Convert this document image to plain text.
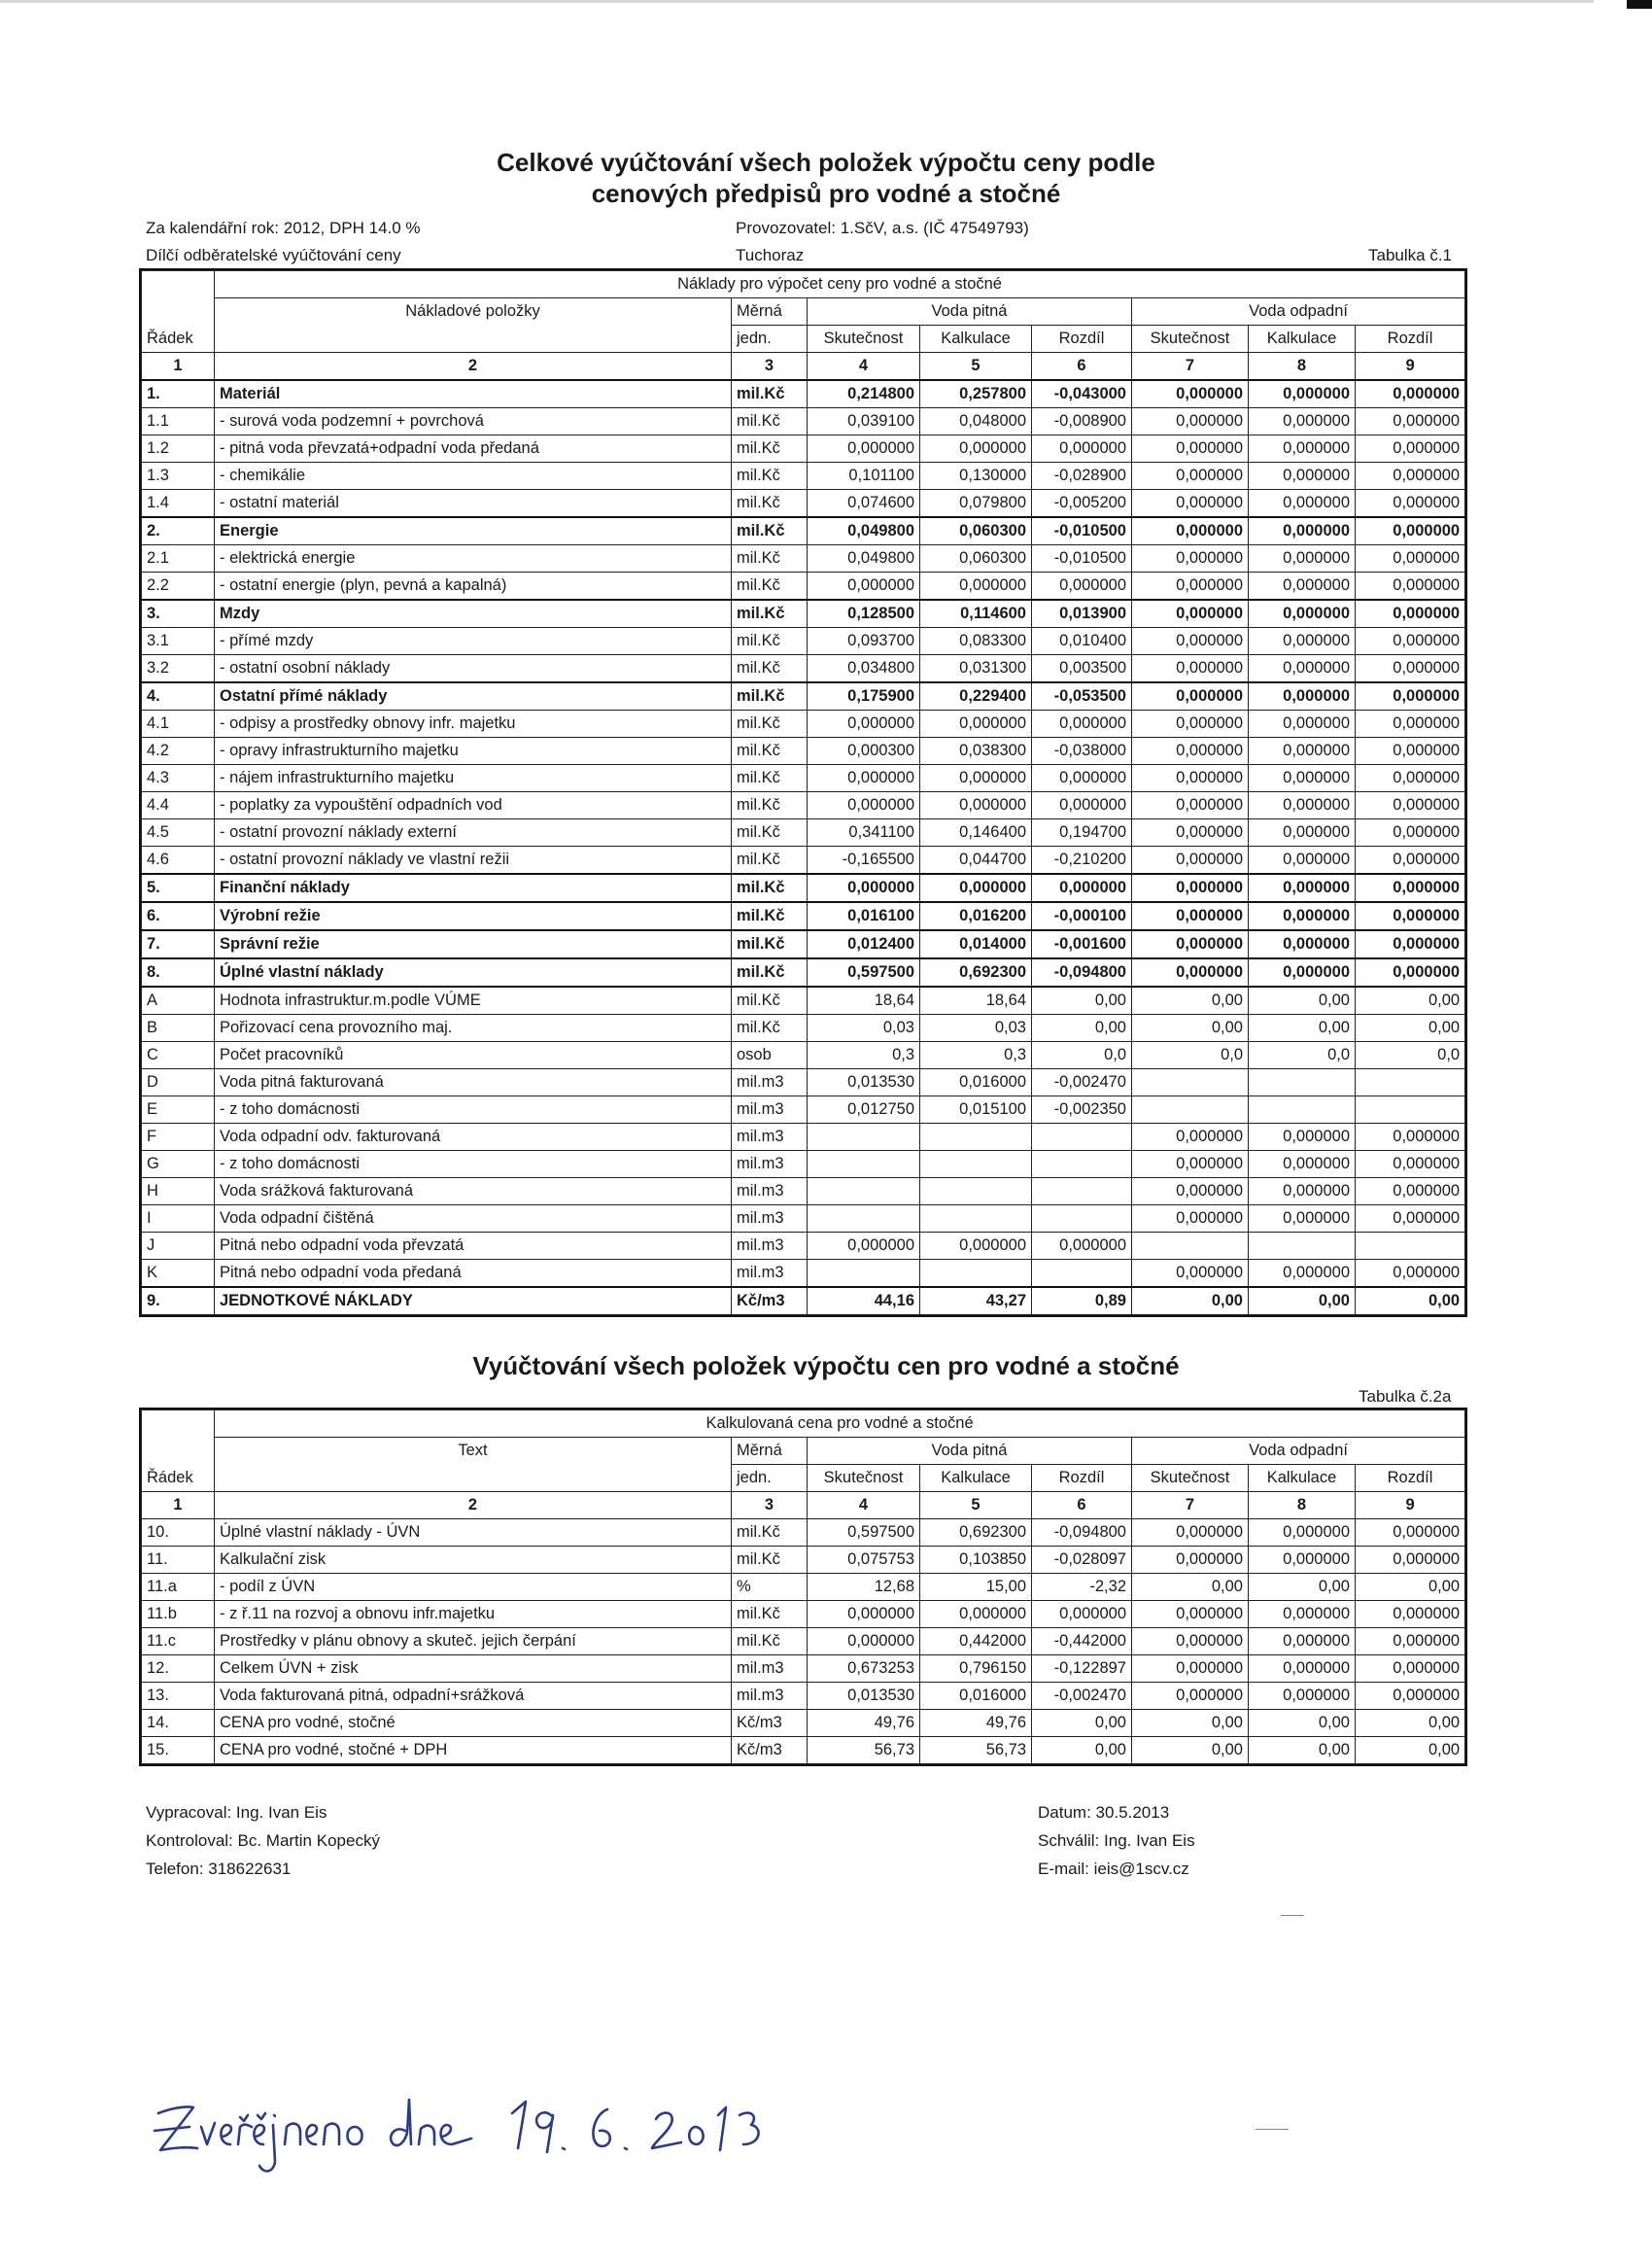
Celkové vyúčtování všech položek výpočtu ceny podle
cenových předpisů pro vodné a stočné
Za kalendářní rok: 2012, DPH 14.0 %
Dílčí odběratelské vyúčtování ceny
Provozovatel: 1.SčV, a.s. (IČ 47549793)
Tuchoraz	Tabulka č.1
	Náklady pro výpočet ceny pro vodné a stočné							
	Nákladové položky	Měrná	Voda pitná			Voda odpadní		
Řádek		jedn.	Skutečnost	Kalkulace	Rozdíl	Skutečnost	Kalkulace	Rozdíl
1	2	3	4	5	6	7	8	9
1.	Materiál	mil.Kč	0,214800	0,257800	-0,043000	0,000000	0,000000	0,000000
1.1	- surová voda podzemní + povrchová	mil.Kč	0,039100	0,048000	-0,008900	0,000000	0,000000	0,000000
1.2	- pitná voda převzatá+odpadní voda předaná	mil.Kč	0,000000	0,000000	0,000000	0,000000	0,000000	0,000000
1.3	- chemikálie	mil.Kč	0,101100	0,130000	-0,028900	0,000000	0,000000	0,000000
1.4	- ostatní materiál	mil.Kč	0,074600	0,079800	-0,005200	0,000000	0,000000	0,000000
2.	Energie	mil.Kč	0,049800	0,060300	-0,010500	0,000000	0,000000	0,000000
2.1	- elektrická energie	mil.Kč	0,049800	0,060300	-0,010500	0,000000	0,000000	0,000000
2.2	- ostatní energie (plyn, pevná a kapalná)	mil.Kč	0,000000	0,000000	0,000000	0,000000	0,000000	0,000000
3.	Mzdy	mil.Kč	0,128500	0,114600	0,013900	0,000000	0,000000	0,000000
3.1	- přímé mzdy	mil.Kč	0,093700	0,083300	0,010400	0,000000	0,000000	0,000000
3.2	- ostatní osobní náklady	mil.Kč	0,034800	0,031300	0,003500	0,000000	0,000000	0,000000
4.	Ostatní přímé náklady	mil.Kč	0,175900	0,229400	-0,053500	0,000000	0,000000	0,000000
4.1	- odpisy a prostředky obnovy infr. majetku	mil.Kč	0,000000	0,000000	0,000000	0,000000	0,000000	0,000000
4.2	- opravy infrastrukturního majetku	mil.Kč	0,000300	0,038300	-0,038000	0,000000	0,000000	0,000000
4.3	- nájem infrastrukturního majetku	mil.Kč	0,000000	0,000000	0,000000	0,000000	0,000000	0,000000
4.4	- poplatky za vypouštění odpadních vod	mil.Kč	0,000000	0,000000	0,000000	0,000000	0,000000	0,000000
4.5	- ostatní provozní náklady externí	mil.Kč	0,341100	0,146400	0,194700	0,000000	0,000000	0,000000
4.6	- ostatní provozní náklady ve vlastní režii	mil.Kč	-0,165500	0,044700	-0,210200	0,000000	0,000000	0,000000
5.	Finanční náklady	mil.Kč	0,000000	0,000000	0,000000	0,000000	0,000000	0,000000
6.	Výrobní režie	mil.Kč	0,016100	0,016200	-0,000100	0,000000	0,000000	0,000000
7.	Správní režie	mil.Kč	0,012400	0,014000	-0,001600	0,000000	0,000000	0,000000
8.	Úplné vlastní náklady	mil.Kč	0,597500	0,692300	-0,094800	0,000000	0,000000	0,000000
A	Hodnota infrastruktur.m.podle VÚME	mil.Kč	18,64	18,64	0,00	0,00	0,00	0,00
B	Pořizovací cena provozního maj.	mil.Kč	0,03	0,03	0,00	0,00	0,00	0,00
C	Počet pracovníků	osob	0,3	0,3	0,0	0,0	0,0	0,0
D	Voda pitná fakturovaná	mil.m3	0,013530	0,016000	-0,002470			
E	- z toho domácnosti	mil.m3	0,012750	0,015100	-0,002350			
F	Voda odpadní odv. fakturovaná	mil.m3				0,000000	0,000000	0,000000
G	- z toho domácnosti	mil.m3				0,000000	0,000000	0,000000
H	Voda srážková fakturovaná	mil.m3				0,000000	0,000000	0,000000
I	Voda odpadní čištěná	mil.m3				0,000000	0,000000	0,000000
J	Pitná nebo odpadní voda převzatá	mil.m3	0,000000	0,000000	0,000000			
K	Pitná nebo odpadní voda předaná	mil.m3				0,000000	0,000000	0,000000
9.	JEDNOTKOVÉ NÁKLADY	Kč/m3	44,16	43,27	0,89	0,00	0,00	0,00
Vyúčtování všech položek výpočtu cen pro vodné a stočné
Tabulka č.2a
	Kalkulovaná cena pro vodné a stočné							
	Text	Měrná	Voda pitná			Voda odpadní		
Řádek		jedn.	Skutečnost	Kalkulace	Rozdíl	Skutečnost	Kalkulace	Rozdíl
1	2	3	4	5	6	7	8	9
10.	Úplné vlastní náklady - ÚVN	mil.Kč	0,597500	0,692300	-0,094800	0,000000	0,000000	0,000000
11.	Kalkulační zisk	mil.Kč	0,075753	0,103850	-0,028097	0,000000	0,000000	0,000000
11.a	- podíl z ÚVN	%	12,68	15,00	-2,32	0,00	0,00	0,00
11.b	- z ř.11 na rozvoj a obnovu infr.majetku	mil.Kč	0,000000	0,000000	0,000000	0,000000	0,000000	0,000000
11.c	Prostředky v plánu obnovy a skuteč. jejich čerpání	mil.Kč	0,000000	0,442000	-0,442000	0,000000	0,000000	0,000000
12.	Celkem ÚVN + zisk	mil.m3	0,673253	0,796150	-0,122897	0,000000	0,000000	0,000000
13.	Voda fakturovaná pitná, odpadní+srážková	mil.m3	0,013530	0,016000	-0,002470	0,000000	0,000000	0,000000
14.	CENA pro vodné, stočné	Kč/m3	49,76	49,76	0,00	0,00	0,00	0,00
15.	CENA pro vodné, stočné + DPH	Kč/m3	56,73	56,73	0,00	0,00	0,00	0,00
Vypracoval: Ing. Ivan Eis
Kontroloval: Bc. Martin Kopecký
Telefon: 318622631
Datum: 30.5.2013
Schválil: Ing. Ivan Eis
E-mail: ieis@1scv.cz
